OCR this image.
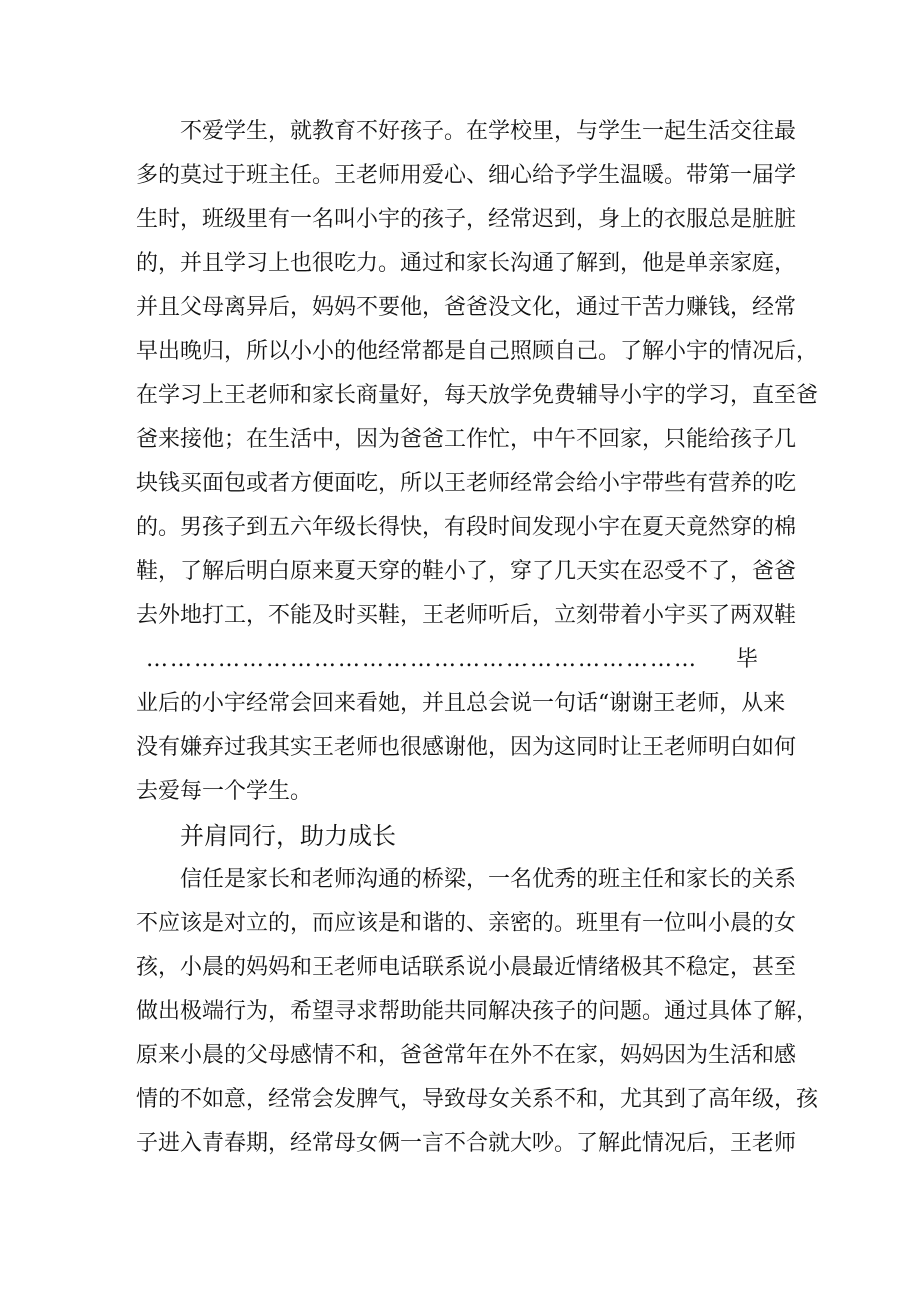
不爱学生，就教育不好孩子。在学校里，与学生一起生活交往最
多的莫过于班主任。王老师用爱心、细心给予学生温暖。带第一届学
生时，班级里有一名叫小宇的孩子，经常迟到，身上的衣服总是脏脏
的，并且学习上也很吃力。通过和家长沟通了解到，他是单亲家庭，
并且父母离异后，妈妈不要他，爸爸没文化，通过干苦力赚钱，经常
早出晚归，所以小小的他经常都是自己照顾自己。了解小宇的情况后，
在学习上王老师和家长商量好，每天放学免费辅导小宇的学习，直至爸
爸来接他；在生活中，因为爸爸工作忙，中午不回家，只能给孩子几
块钱买面包或者方便面吃，所以王老师经常会给小宇带些有营养的吃
的。男孩子到五六年级长得快，有段时间发现小宇在夏天竟然穿的棉
鞋，了解后明白原来夏天穿的鞋小了，穿了几天实在忍受不了，爸爸
去外地打工，不能及时买鞋，王老师听后，立刻带着小宇买了两双鞋
……………………………………………………………毕
业后的小宇经常会回来看她，并且总会说一句话“谢谢王老师，从来
没有嫌弃过我其实王老师也很感谢他，因为这同时让王老师明白如何
去爱每一个学生。
并肩同行，助力成长
信任是家长和老师沟通的桥梁，一名优秀的班主任和家长的关系
不应该是对立的，而应该是和谐的、亲密的。班里有一位叫小晨的女
孩，小晨的妈妈和王老师电话联系说小晨最近情绪极其不稳定，甚至
做出极端行为，希望寻求帮助能共同解决孩子的问题。通过具体了解，
原来小晨的父母感情不和，爸爸常年在外不在家，妈妈因为生活和感
情的不如意，经常会发脾气，导致母女关系不和，尤其到了高年级，孩
子进入青春期，经常母女俩一言不合就大吵。了解此情况后，王老师
